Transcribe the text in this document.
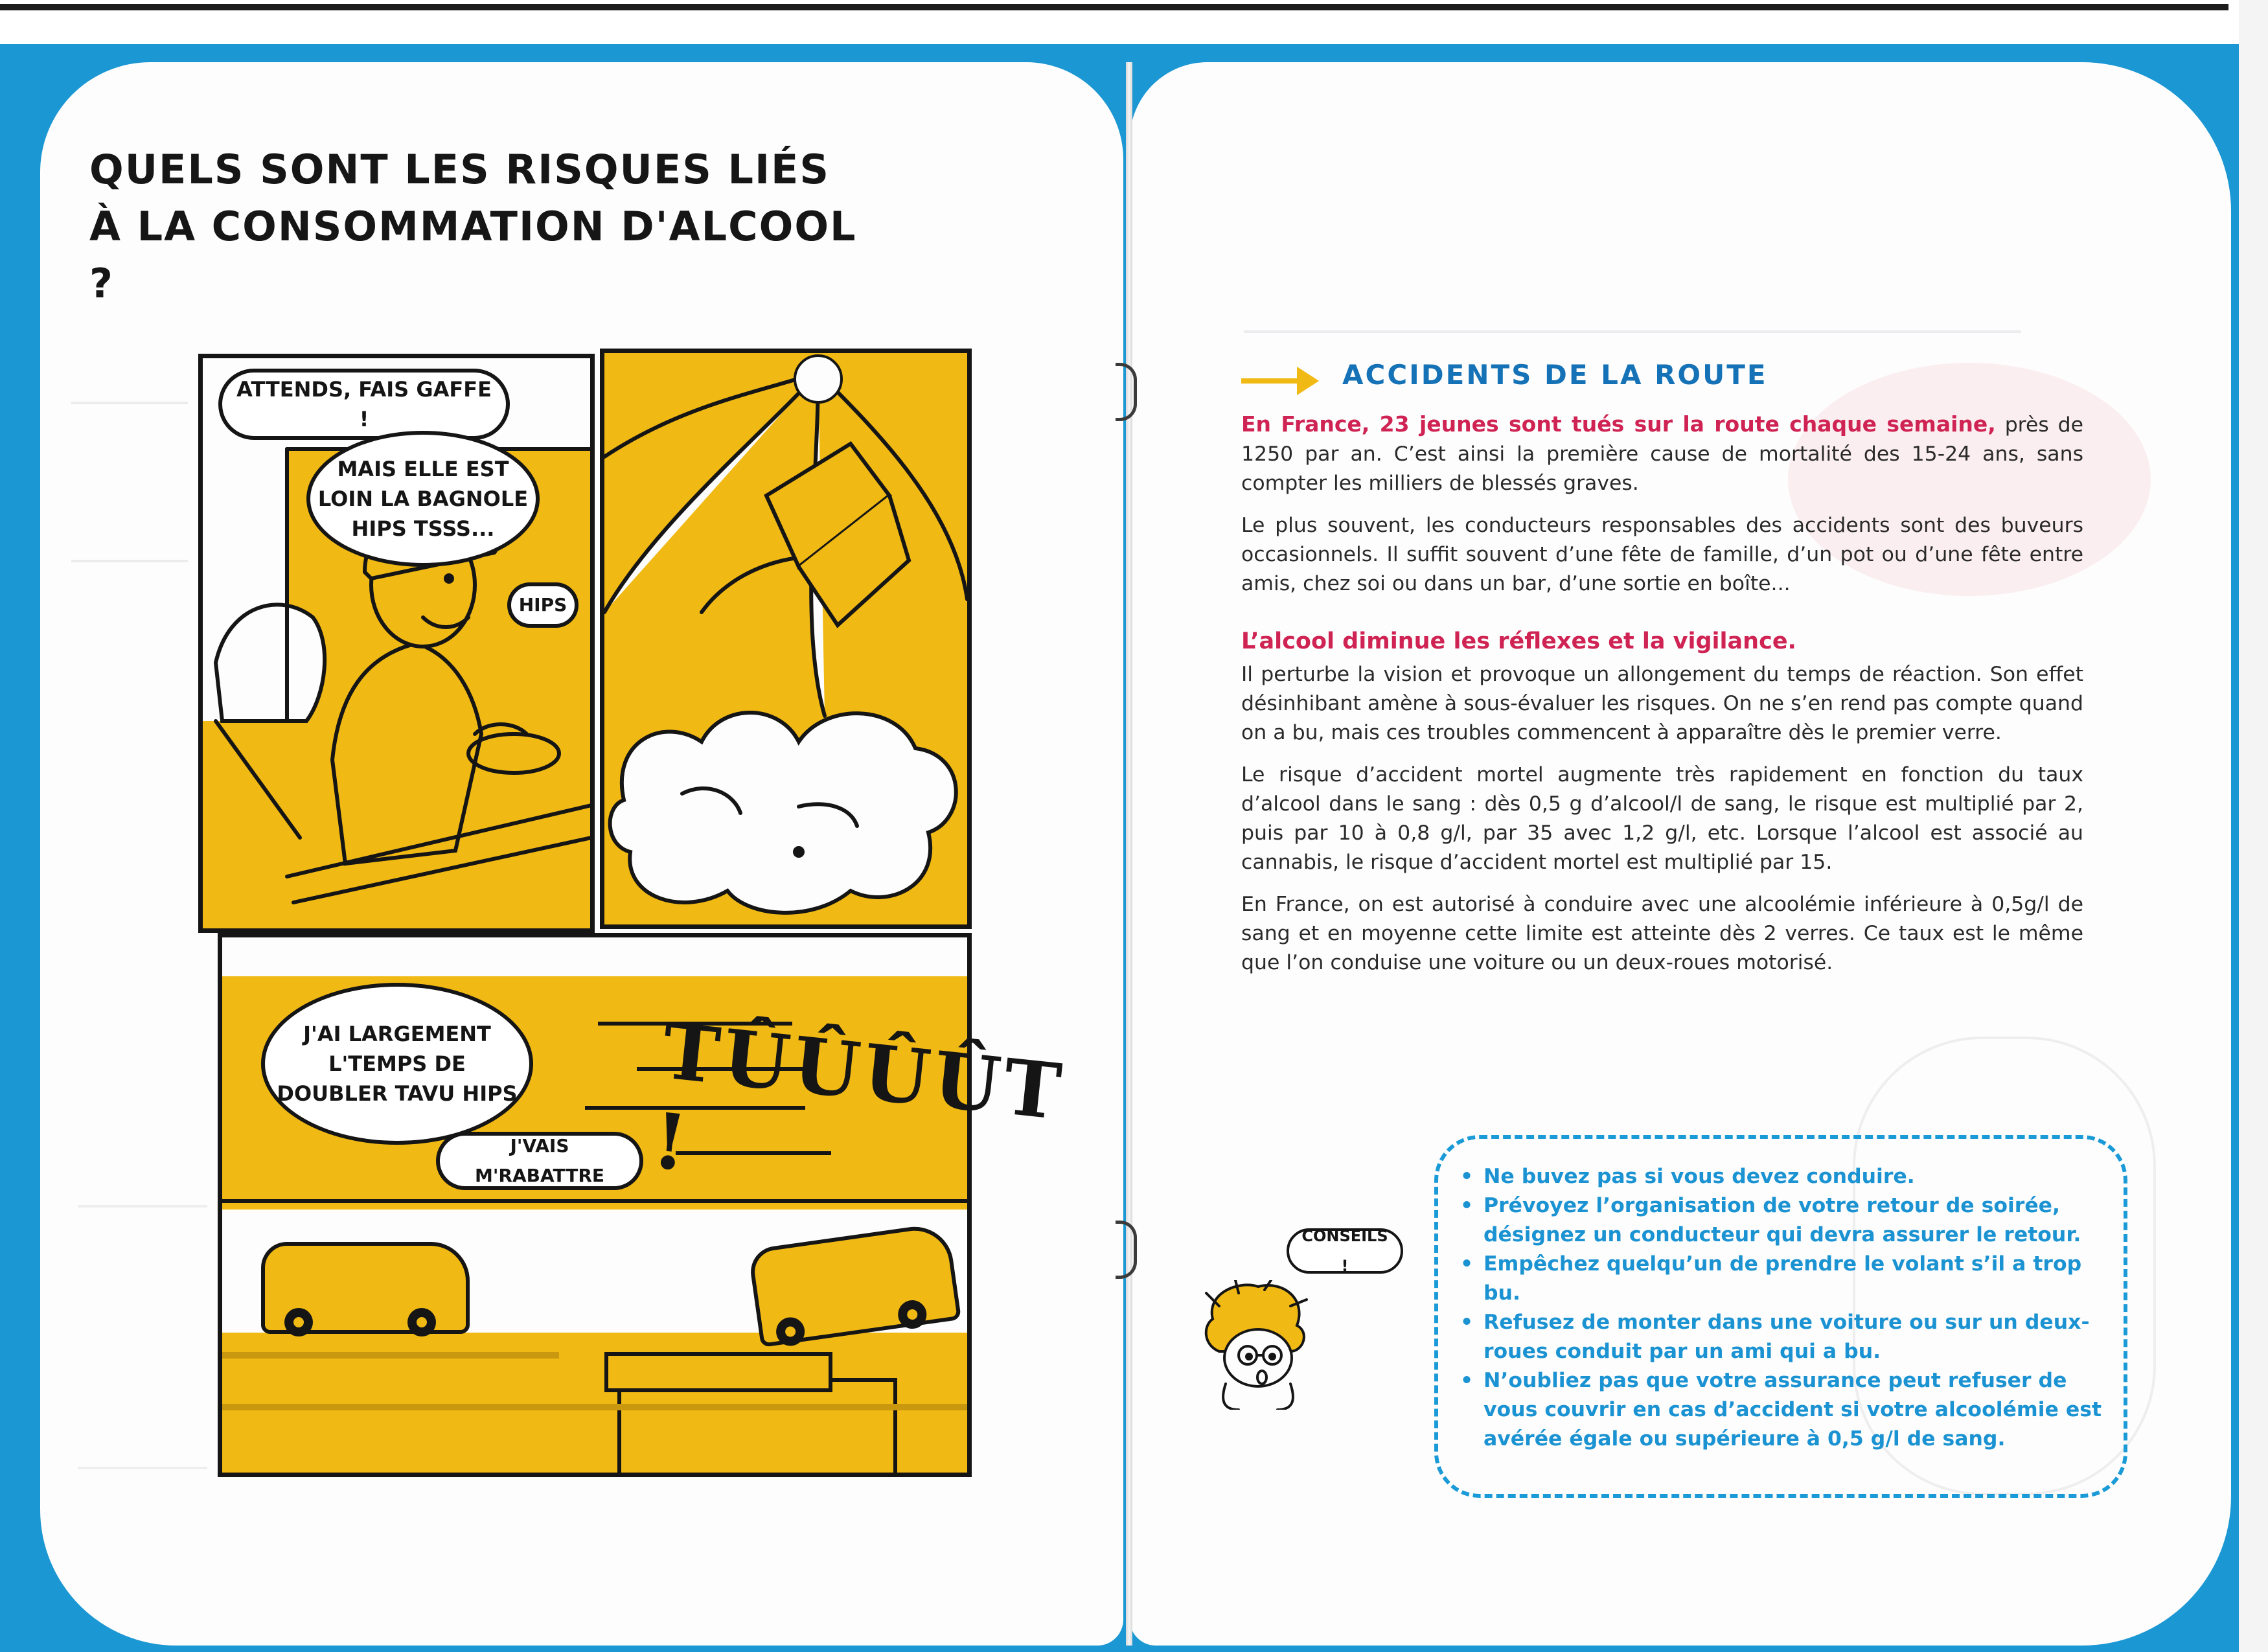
QUELS SONT LES RISQUES LIÉS
À LA CONSOMMATION D'ALCOOL ?
ATTENDS, FAIS GAFFE !
MAIS ELLE EST LOIN LA BAGNOLE HIPS TSSS...
HIPS
J'AI LARGEMENT L'TEMPS DE DOUBLER TAVU HIPS
J'VAIS M'RABATTRE
TÛÛÛÛT !
ACCIDENTS DE LA ROUTE

En France, 23 jeunes sont tués sur la route chaque semaine, près de 1250 par an. C’est ainsi la première cause de mortalité des 15-24 ans, sans compter les milliers de blessés graves.

Le plus souvent, les conducteurs responsables des accidents sont des buveurs occasionnels. Il suffit souvent d’une fête de famille, d’un pot ou d’une fête entre amis, chez soi ou dans un bar, d’une sortie en boîte...

L’alcool diminue les réflexes et la vigilance.

Il perturbe la vision et provoque un allongement du temps de réaction. Son effet désinhibant amène à sous-évaluer les risques. On ne s’en rend pas compte quand on a bu, mais ces troubles commencent à apparaître dès le premier verre.

Le risque d’accident mortel augmente très rapidement en fonction du taux d’alcool dans le sang : dès 0,5 g d’alcool/l de sang, le risque est multiplié par 2, puis par 10 à 0,8 g/l, par 35 avec 1,2 g/l, etc. Lorsque l’alcool est associé au cannabis, le risque d’accident mortel est multiplié par 15.

En France, on est autorisé à conduire avec une alcoolémie inférieure à 0,5g/l de sang et en moyenne cette limite est atteinte dès 2 verres. Ce taux est le même que l’on conduise une voiture ou un deux-roues motorisé.

• Ne buvez pas si vous devez conduire.
• Prévoyez l’organisation de votre retour de soirée, désignez un conducteur qui devra assurer le retour.
• Empêchez quelqu’un de prendre le volant s’il a trop bu.
• Refusez de monter dans une voiture ou sur un deux-roues conduit par un ami qui a bu.
• N’oubliez pas que votre assurance peut refuser de vous couvrir en cas d’accident si votre alcoolémie est avérée égale ou supérieure à 0,5 g/l de sang.
CONSEILS !
